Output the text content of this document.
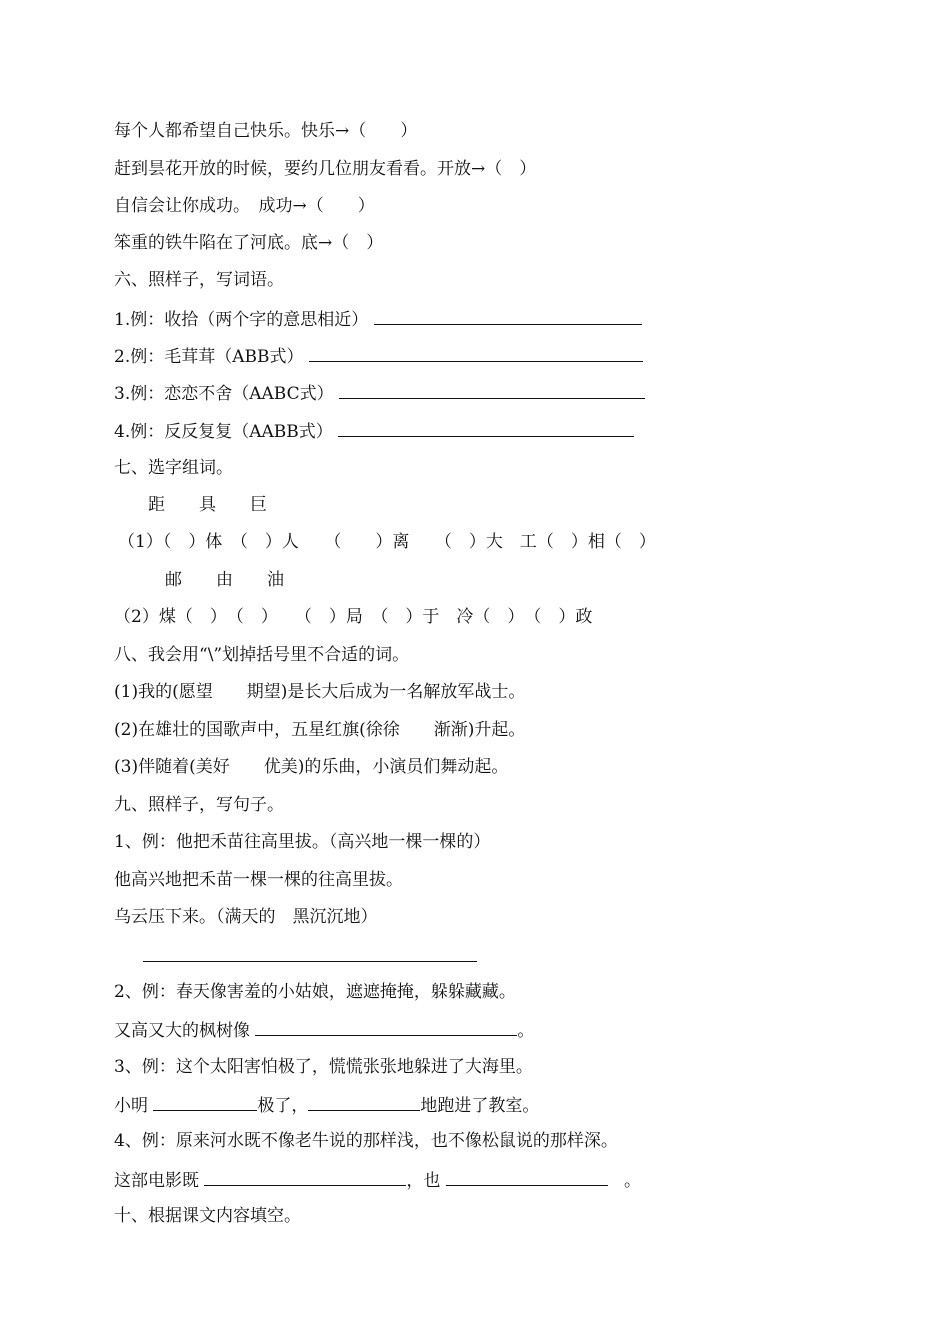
每个人都希望自己快乐。快乐→（　　）
赶到昙花开放的时候，要约几位朋友看看。开放→（　）
自信会让你成功。　成功→（　　）
笨重的铁牛陷在了河底。底→（　）
六、照样子，写词语。
1.例：收拾（两个字的意思相近）
2.例：毛茸茸（ABB式）
3.例：恋恋不舍（AABC式）
4.例：反反复复（AABB式）
七、选字组词。
　　距　　具　　巨
（1）（　）体　（　）人　　（　　）离　　（　）大　工（　）相（　）
　　　邮　　由　　油
（2）煤（　）　（　）　　（　）局　（　）于　冷（　）　（　）政
八、我会用“\”划掉括号里不合适的词。
(1)我的(愿望　　期望)是长大后成为一名解放军战士。
(2)在雄壮的国歌声中，五星红旗(徐徐　　渐渐)升起。
(3)伴随着(美好　　优美)的乐曲，小演员们舞动起。
九、照样子，写句子。
1、例：他把禾苗往高里拔。（高兴地一棵一棵的）
他高兴地把禾苗一棵一棵的往高里拔。
乌云压下来。（满天的　黑沉沉地）
2、例：春天像害羞的小姑娘，遮遮掩掩，躲躲藏藏。
又高又大的枫树像	。
3、例：这个太阳害怕极了，慌慌张张地躲进了大海里。
小明	极了，	地跑进了教室。
4、例：原来河水既不像老牛说的那样浅，也不像松鼠说的那样深。
这部电影既	，也	。
十、根据课文内容填空。
